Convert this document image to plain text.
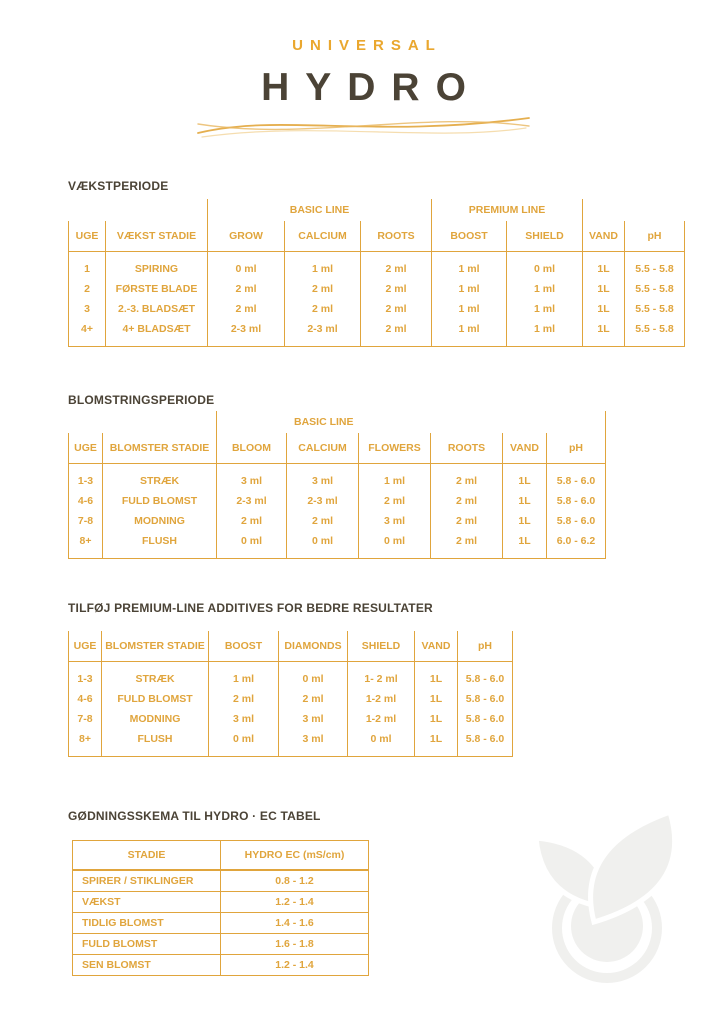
UNIVERSAL
HYDRO
VÆKSTPERIODE
		BASIC LINE			PREMIUM LINE			
UGE	VÆKST STADIE	GROW	CALCIUM	ROOTS	BOOST	SHIELD	VAND	pH
1	SPIRING	0 ml	1 ml	2 ml	1 ml	0 ml	1L	5.5 - 5.8
2	FØRSTE BLADE	2 ml	2 ml	2 ml	1 ml	1 ml	1L	5.5 - 5.8
3	2.-3. BLADSÆT	2 ml	2 ml	2 ml	1 ml	1 ml	1L	5.5 - 5.8
4+	4+ BLADSÆT	2-3 ml	2-3 ml	2 ml	1 ml	1 ml	1L	5.5 - 5.8
BLOMSTRINGSPERIODE
		BASIC LINE					
UGE	BLOMSTER STADIE	BLOOM	CALCIUM	FLOWERS	ROOTS	VAND	pH
1-3	STRÆK	3 ml	3 ml	1 ml	2 ml	1L	5.8 - 6.0
4-6	FULD BLOMST	2-3 ml	2-3 ml	2 ml	2 ml	1L	5.8 - 6.0
7-8	MODNING	2 ml	2 ml	3 ml	2 ml	1L	5.8 - 6.0
8+	FLUSH	0 ml	0 ml	0 ml	2 ml	1L	6.0 - 6.2
TILFØJ PREMIUM-LINE ADDITIVES FOR BEDRE RESULTATER
UGE	BLOMSTER STADIE	BOOST	DIAMONDS	SHIELD	VAND	pH
1-3	STRÆK	1 ml	0 ml	1- 2 ml	1L	5.8 - 6.0
4-6	FULD BLOMST	2 ml	2 ml	1-2 ml	1L	5.8 - 6.0
7-8	MODNING	3 ml	3 ml	1-2 ml	1L	5.8 - 6.0
8+	FLUSH	0 ml	3 ml	0 ml	1L	5.8 - 6.0
GØDNINGSSKEMA TIL HYDRO · EC TABEL
STADIE	HYDRO EC (mS/cm)
SPIRER / STIKLINGER	0.8 - 1.2
VÆKST	1.2 - 1.4
TIDLIG BLOMST	1.4 - 1.6
FULD BLOMST	1.6 - 1.8
SEN BLOMST	1.2 - 1.4
